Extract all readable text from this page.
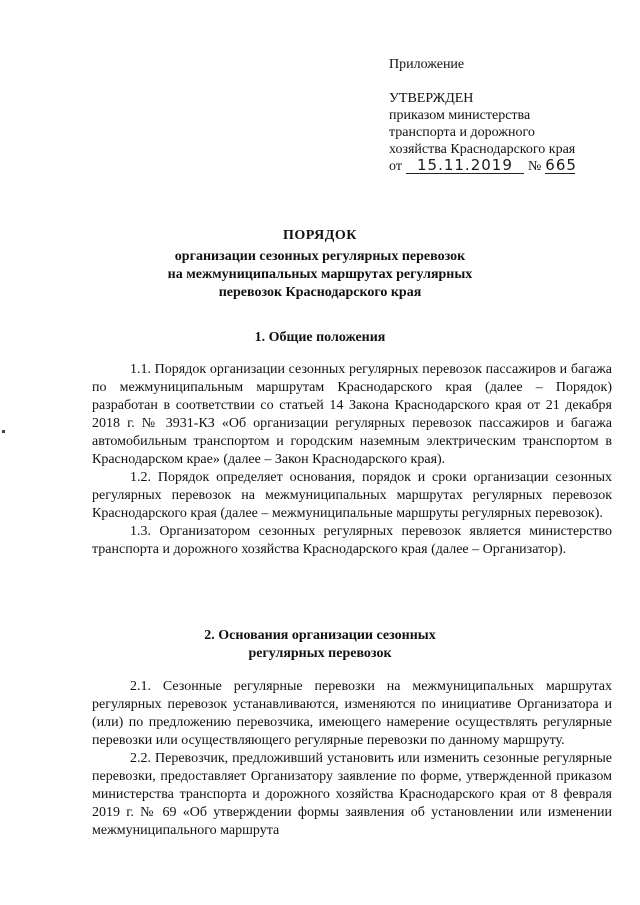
Приложение
УТВЕРЖДЕН
приказом министерства
транспорта и дорожного
хозяйства Краснодарского края
от	15.11.2019	№ 665
ПОРЯДОК
организации сезонных регулярных перевозок
на межмуниципальных маршрутах регулярных
перевозок Краснодарского края
1. Общие положения

1.1. Порядок организации сезонных регулярных перевозок пассажиров и багажа по межмуниципальным маршрутам Краснодарского края (далее – Порядок) разработан в соответствии со статьей 14 Закона Краснодарского края от 21 декабря 2018 г. № 3931-КЗ «Об организации регулярных перевозок пассажиров и багажа автомобильным транспортом и городским наземным электрическим транспортом в Краснодарском крае» (далее – Закон Краснодарского края).

1.2. Порядок определяет основания, порядок и сроки организации сезонных регулярных перевозок на межмуниципальных маршрутах регулярных перевозок Краснодарского края (далее – межмуниципальные маршруты регулярных перевозок).

1.3. Организатором сезонных регулярных перевозок является министерство транспорта и дорожного хозяйства Краснодарского края (далее – Организатор).

2. Основания организации сезонных
регулярных перевозок

2.1. Сезонные регулярные перевозки на межмуниципальных маршрутах регулярных перевозок устанавливаются, изменяются по инициативе Организатора и (или) по предложению перевозчика, имеющего намерение осуществлять регулярные перевозки или осуществляющего регулярные перевозки по данному маршруту.

2.2. Перевозчик, предложивший установить или изменить сезонные регулярные перевозки, предоставляет Организатору заявление по форме, утвержденной приказом министерства транспорта и дорожного хозяйства Краснодарского края от 8 февраля 2019 г. № 69 «Об утверждении формы заявления об установлении или изменении межмуниципального маршрута
